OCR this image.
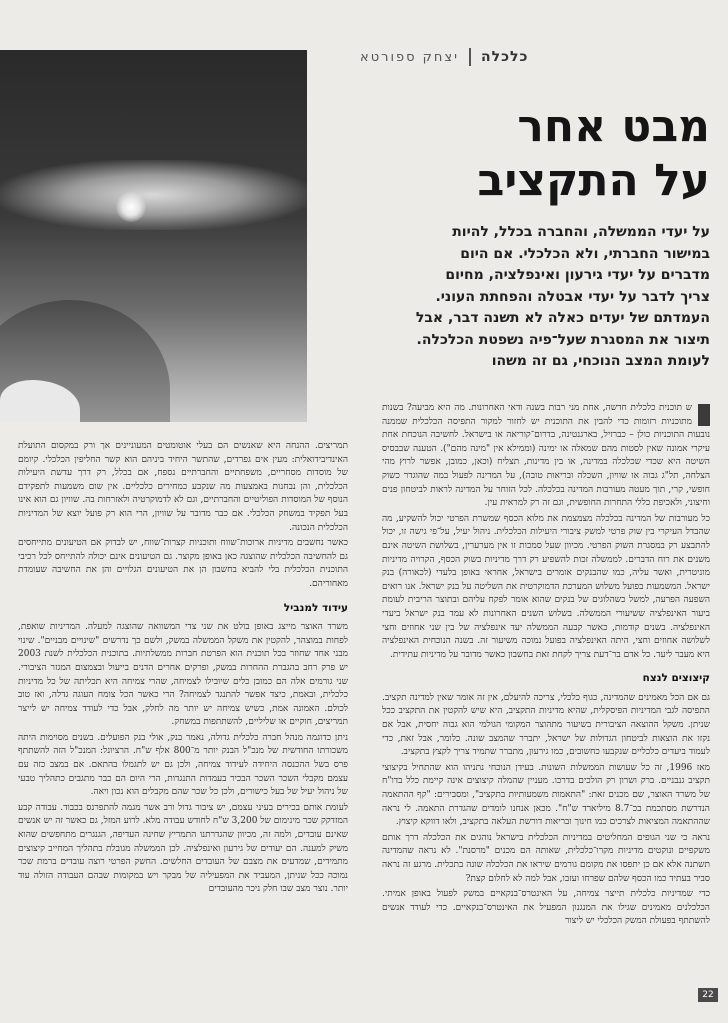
כלכלה
יצחק ספורטא
מבט אחר
על התקציב
על יעדי הממשלה, והחברה בכלל, להיות
במישור החברתי, ולא הכלכלי. אם היום
מדברים על יעדי גירעון ואינפלציה, מחיום
צריך לדבר על יעדי אבטלה והפחתת העוני.
העמדתם של יעדים כאלה לא תשנה דבר, אבל
תיצור את המסגרת שעל־פיה נשפטת הכלכלה.
לעומת המצב הנוכחי, גם זה משהו

ש תוכנית כלכלית חדשה, אחת מני רבות בשנה ודאי האחרונות. מה היא מביעה? בשנות מתוכניות רזומות כדי להבין את התוכנית יש לחזור למקור התפיסה הכלכלית שממנה נובעות התוכניות כולן – כברזיל, בארגנטינה, בדרום־קוריאה או בישראל. לחשיבה הנוכחת אחת עיקרי אמונה שאין לסטות מהם שמאלה או ימינה (וממילא אין "מינה מהם"). הטענה שבבסיס השיטה היא שכדי שכלכלה במדינה, או בין מדינות, תצליח (וכאן, כמובן, אפשר לרוץ מהי הצלחה, תל"ג גבוה או שוויון, השכלה ובריאות טובה), על המדינה לפעול במה שהוגדר כשוק חופשי, קרי, תוך מעטה מעורבות המדינה בכלכלה. לכל הזוחר על המדינה לראות לביטחון פנים וחיצוני, ולאכיפת כללי התחרות החופשית, וגם זה רק למראית עין.

כל מעורבות של המדינה בכלכלה מצמצמת את מלוא הכסף שמשרת הפרטי יכול להשקיע, מה שהבדל העיקרי בין שוק פרטי למשק ציבורי היעילות הכלכלית. ניהול יעיל, על־פי גישה זו, יכול להתבצע רק במסגרת השוק הפרטי. מכיוון שעל סמכות זו אין מערערין, בשלושת השיטה אינם משנים את רוח הדברים. לממשלה זכות להשפיע רק דרך מדיניות בשוק הכסף, הקרויה מדיניות מוניטרית, ואשר עליה, כמו שהבנקים אומרים בישראל, אחראי באופן בלעדי (לכאורה) בנק ישראל. המשמעות בפועל משלוש המערכת הדמוקרטית את השליטה על בנק ישראל. אנו רואים השפעה הפרעה, למשל כשהלוגים של בנקים שהוא אומר לפקח עליהם ובתוצר הריבית לעומת ביעור האינפלציה ששיעורי הממשלה. בשלוש השנים האחרונות לא עמד בנק ישראל ביעדי האינפלציה. בשנים קודמות, כאשר קבעה הממשלה יעד אינפלציה של בין שני אחוזים וחצי לשלושה אחוזים וחצי, היתה האינפלציה בפועל נמוכה משיעור זה. בשנה הנוכחית האינפלציה היא מעבר ליעד. כל אדם בר־דעת צריך לקחת זאת בחשבון כאשר מדובר על מדיניות עתידית.

קיצוצים לנצח

גם אם הכל מאמינים שהמדינה, כגוף כלכלי, צריכה להיעלם, אין זה אומר שאין למדינה תקציב. התפיסה לגבי המדיניות הפיסקלית, שהיא מדיניות התקציב, היא שיש להקטין את התקציב ככל שניתן. משקל ההוצאה הציבורית בשיעור מתהוצר המקומי הגולמי הוא גבוה יחסית, אבל אם נקזו את הוצאות לביטחון הגדולות של ישראל, יתברר שהמצב שונה. כלומר, אבל זאת, כדי לעמוד ביעדים כלכליים שנקבעו כחשובים, כמו גירעון, מתברר שתמיד צריך לקצץ בתקציב.

מאז 1996, זה כל שעושות הממשלות השונות. בעידן הנוכחי נתניהו הוא שהתחיל בקיצוצי תקציב גנבניים. ברק ושרון רק הולכים בדרכו. מעניין שהמלה קיצוצים אינה קיימת כלל בדו"ח של משרד האוצר, שם מכנים זאת: "התאמות משמעותיות בתקציב", ומסבירים: "קף ההתאמה הנדרשת מסתכמת בכ־8.7 מיליארד ש"ח". מכאן אנחנו לומדים שהגדרת התאמה. לי נראה שההתאמה המציאות לצרכים כמו חינוך ובריאות דורשת העלאה בתקציב, ולאו דווקא קיצוץ.

נראה כי שני הגופים המחליטים במדיניות הכלכלית בישראל נוהגים את הכלכלה דרך אותם משקפיים ונוקטים מדיניות מקרו־כלכלית, שאותה הם מכנים "מרסנת". לא נראה שהמדינה תשתנה אלא אם כן יתפסו את מקומם גורמים שיראו את הכלכלה שונה בתכלית. מרגע זה נראה סביר בעתיד כמו הכסף שלהם שפרחו ועזבו, אבל למה לא לחלום קצת?

כדי שמדיניות כלכלית תייצר צמיחה, על האינטרס־בנקאיים במשק לפעול באופן אמיתי. הכלכלנים מאמינים שגילו את המנגנון המפעיל את האינטרס־בנקאיים. כדי לעודד אנשים להשתתף בפעולת המשק הכלכלי יש ליצור

תמריצים. ההנחה היא שאנשים הם בעלי אוטומטים המעוניינים אך ורק במקסום התועלת האינדיבידואלית: מעין אים גפרדים, שהתשר היחיד ביניהם הוא קשר החליפין הכלכלי. קיומם של מוסדות מסחריים, משפחתיים והחברתיים נספח, אם בכלל, רק דרך עדשת היעילות הכלכלית, והן נבחנות באמצעות מה שנקבע כמחירים כלכליים. אין שום משמעות לתפקידם הנוסף של המוסדות הפוליטיים והחברתיים, וגם לא לדמוקרטיה ולאזרחות בה. שוויון גם הוא אינו בעל תפקיד במשחק הכלכלי. אם כבר מדובר על שוויון, הרי הוא רק פועל יוצא של המדיניות הכלכלית הנכונה.

כאשר נחשבים מדיניות ארוכות־שווח ותוכניות קצרות־שווח, יש לבדוק אם הטיעונים מתייחסים גם להחשיבה הכלכלית שהוצגה כאן באופן מקוצר. גם הטיעונים אינם יכולה להתייחס לכל רכיבי התוכנית הכלכלית בלי להביא בחשבון הן את הטיעונים הגלויים והן את החשיבה שעומדת מאחוריהם.

עידוד למנביל

משרד האוצר מייצג באופן בולט את שני צדי המשוואה שהוצגה למעלה. המדיניות שואפת, לפחות במוצהר, להקטין את משקל הממשלה במשק, ולשם כך נדרשים "שינויים מבניים". שינוי מבני אחד שחוזר בכל תוכנית הוא הפרטת חברות ממשלתיות. בתוכנית הכלכלית לשנת 2003 יש פרק רחב בהגברת ההחרות במשק, ופרקים אחרים הדנים בייעול ובצמצום המגזר הציבורי. שני גורמים אלה הם כמובן כלים שיובילו לצמיחה, שהרי צמיחה היא תכליתה של כל מדיניות כלכלית, ובאמת, כיצד אפשר להתנגד לצמיחה? הרי כאשר הכל צומח העוגה גדלה, ואז טוב לכולם. האמונה אמת, כשיש צמיחה יש יותר מה לחלק, אבל כדי לעודד צמיחה יש לייצר תמריצים, חוקיים או שליליים, להשתתפות במשחק.

ניתן כדוגמה מנהל חברה כלכלית גדולה, נאמר בנק, אולי בנק הפועלים. בשנים מסוימות היתה משכורתו החודשית של מנכ"ל הבנק יותר מ־800 אלף ש"ח. הרציונל: המנכ"ל הזה להשתתף פרס בשל ההכנסה היחידה לעידוד צמיחה, ולכן גם יש לתגמלו בהתאם. אם במצב כזה עם עצמם מקבלי השכר השכר הבכיר בעמדות התנגדות, הרי היום הם כבר מתגבים כתהליך טבעי של ניהול יעיל של בעל כישורים, ולכן כל שכר שהם מקבלים הוא נכון ויאה.

לעומת אותם בכירים בעיני עצמם, יש ציבור גדול ורב אשר מגמה להתפרנס בכבוד. עבודה קבע המזדקק שכר מינימום של 3,200 ש"ח לחודש עבודה מלא. לרוע המזל, גם כאשר זה יש אנשים שאינם עובדים, ולמה זה, מכיוון שהגדרתנו התמריץ שחינה העדיפה, הגנגרים מתחפשים שהוא משיק למענה. הם יעודים של גירעון ואינפלציה. לכן הממשלה מגובלת בתהליך המחייב קיצוצים מתמידים, שמדעים את מצבם של העובדים החלשים. החשק הפרטי רוצה עובדים ברמת שכר נמוכה ככל שניתן, המעביד את המפעיליה של מבקר ויש במקומות שבהם העבודה הזולה עוד יותר. נוצר מצב שבו חלק ניכר מהעובדים

22
